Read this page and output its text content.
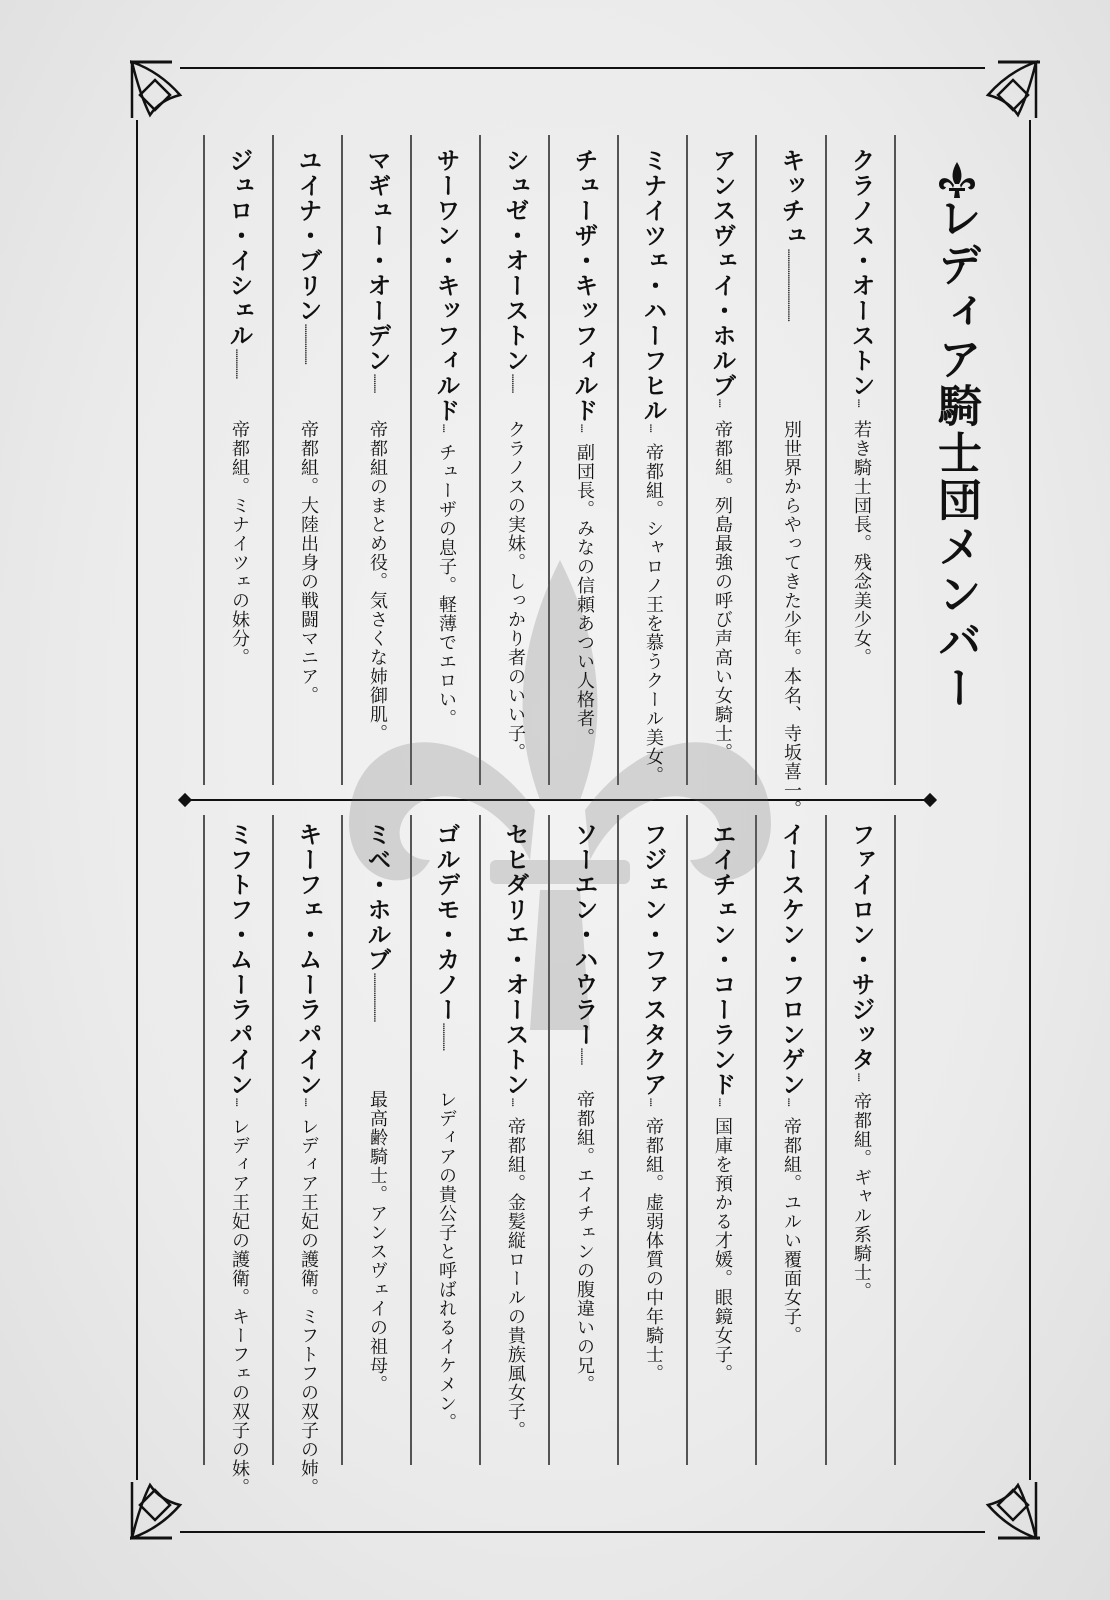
レディア騎士団メンバー
クラノス・オーストン....若き騎士団長。残念美少女。
キッチュ..................................別世界からやってきた少年。本名、寺坂喜一。
アンスヴェイ・ホルブ....帝都組。列島最強の呼び声高い女騎士。
ミナイツェ・ハーフヒル....帝都組。シャロノ王を慕うクール美女。
チューザ・キッフィルド....副団長。みなの信頼あつい人格者。
シュゼ・オーストン.........クラノスの実妹。しっかり者のいい子。
サーワン・キッフィルド....チューザの息子。軽薄でエロい。
マギュー・オーデン.........帝都組のまとめ役。気さくな姉御肌。
ユイナ・ブリン...................帝都組。大陸出身の戦闘マニア。
ジュロ・イシェル..............帝都組。ミナイツェの妹分。
ファイロン・サジッタ....帝都組。ギャル系騎士。
イースケン・フロンゲン....帝都組。ユルい覆面女子。
エイチェン・コーランド....国庫を預かる才媛。眼鏡女子。
フジェン・ファスタクア....帝都組。虚弱体質の中年騎士。
ソーエン・ハウラー........帝都組。エイチェンの腹違いの兄。
セヒダリエ・オーストン....帝都組。金髪縦ロールの貴族風女子。
ゴルデモ・カノー.............レディアの貴公子と呼ばれるイケメン。
ミベ・ホルブ.......................最高齢騎士。アンスヴェイの祖母。
キーフェ・ムーラパイン....レディア王妃の護衛。ミフトフの双子の姉。
ミフトフ・ムーラパイン....レディア王妃の護衛。キーフェの双子の妹。
